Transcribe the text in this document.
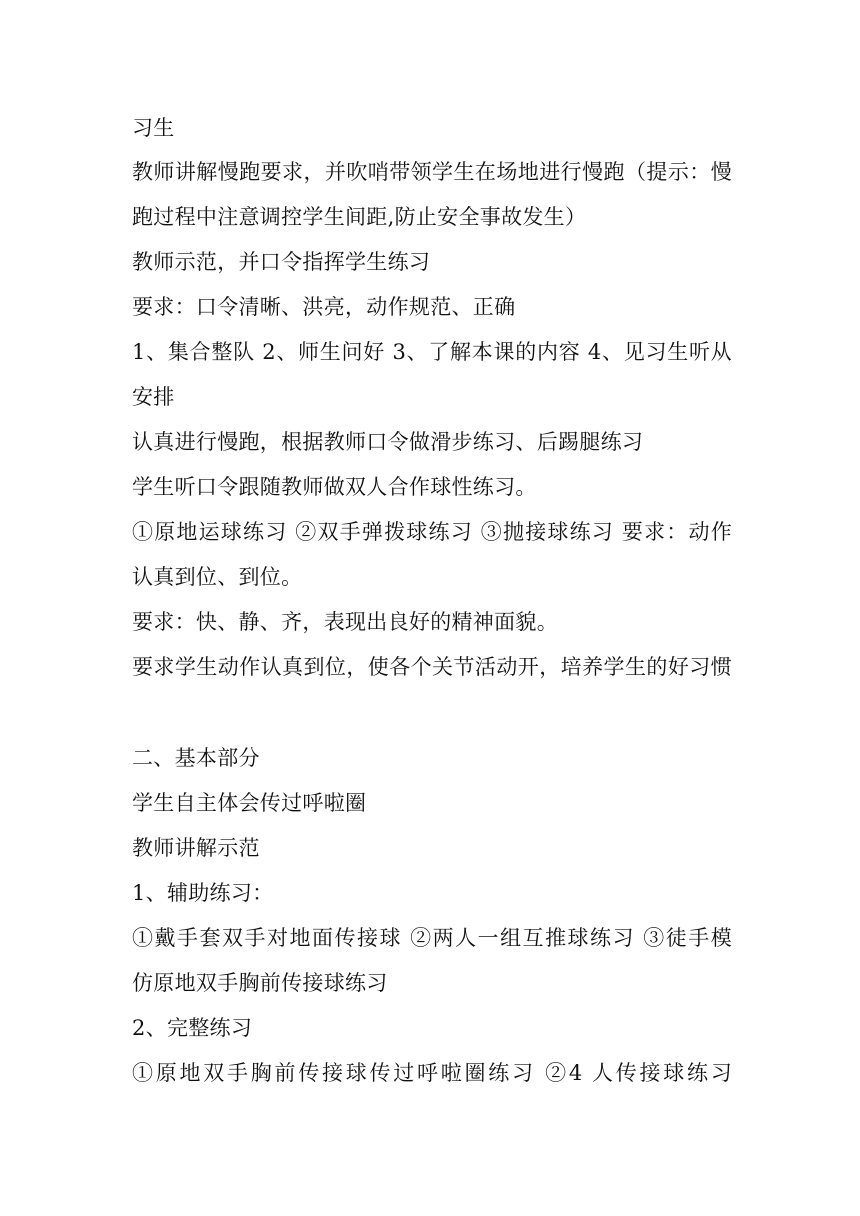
习生
教师讲解慢跑要求，并吹哨带领学生在场地进行慢跑（提示：慢
跑过程中注意调控学生间距,防止安全事故发生）
教师示范，并口令指挥学生练习
要求：口令清晰、洪亮，动作规范、正确
1、集合整队 2、师生问好 3、了解本课的内容 4、见习生听从
安排
认真进行慢跑，根据教师口令做滑步练习、后踢腿练习
学生听口令跟随教师做双人合作球性练习。
①原地运球练习 ②双手弹拨球练习 ③抛接球练习 要求：动作
认真到位、到位。
要求：快、静、齐，表现出良好的精神面貌。
要求学生动作认真到位，使各个关节活动开，培养学生的好习惯
二、基本部分
学生自主体会传过呼啦圈
教师讲解示范
1、辅助练习：
①戴手套双手对地面传接球 ②两人一组互推球练习 ③徒手模
仿原地双手胸前传接球练习
2、完整练习
①原地双手胸前传接球传过呼啦圈练习 ②4 人传接球练习
